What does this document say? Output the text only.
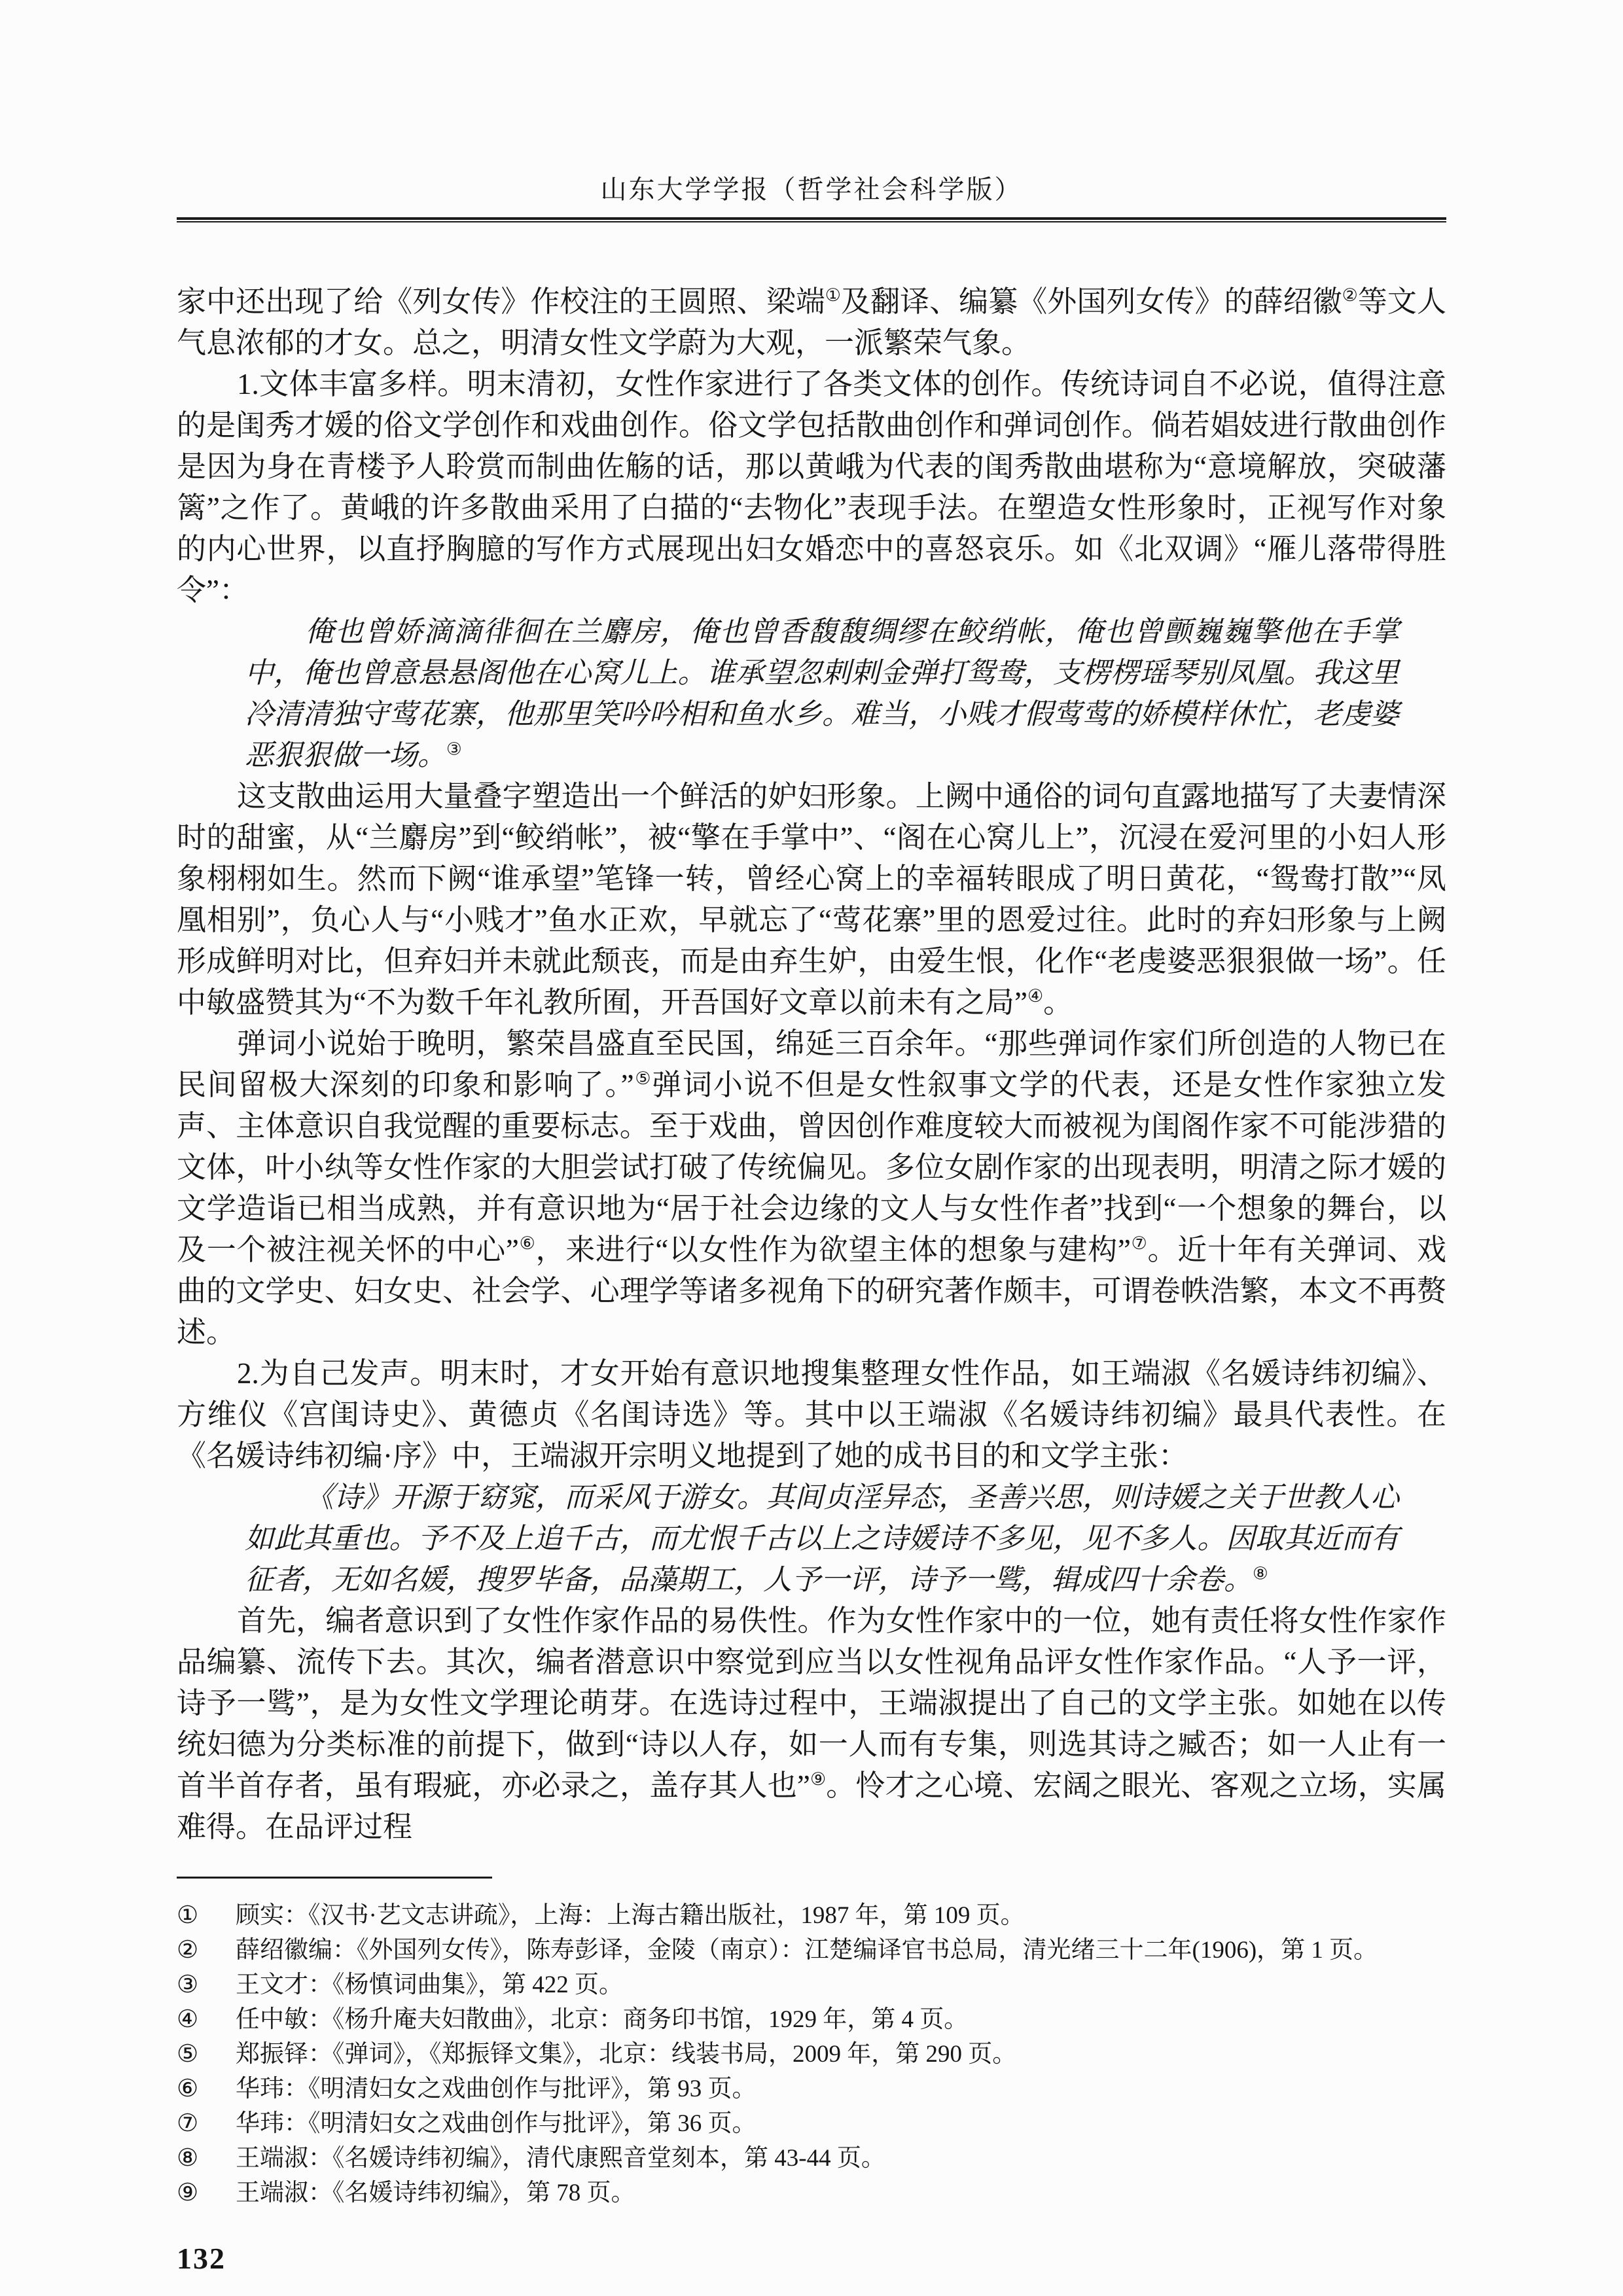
山东大学学报（哲学社会科学版）

家中还出现了给《列女传》作校注的王圆照、梁端①及翻译、编纂《外国列女传》的薛绍徽②等文人气息浓郁的才女。总之，明清女性文学蔚为大观，一派繁荣气象。

1.文体丰富多样。明末清初，女性作家进行了各类文体的创作。传统诗词自不必说，值得注意的是闺秀才媛的俗文学创作和戏曲创作。俗文学包括散曲创作和弹词创作。倘若娼妓进行散曲创作是因为身在青楼予人聆赏而制曲佐觞的话，那以黄峨为代表的闺秀散曲堪称为“意境解放，突破藩篱”之作了。黄峨的许多散曲采用了白描的“去物化”表现手法。在塑造女性形象时，正视写作对象的内心世界，以直抒胸臆的写作方式展现出妇女婚恋中的喜怒哀乐。如《北双调》“雁儿落带得胜令”：

俺也曾娇滴滴徘徊在兰麝房，俺也曾香馥馥绸缪在鲛绡帐，俺也曾颤巍巍擎他在手掌中，俺也曾意悬悬阁他在心窝儿上。谁承望忽剌剌金弹打鸳鸯，支楞楞瑶琴别凤凰。我这里冷清清独守莺花寨，他那里笑吟吟相和鱼水乡。难当，小贱才假莺莺的娇模样休忙，老虔婆恶狠狠做一场。③

这支散曲运用大量叠字塑造出一个鲜活的妒妇形象。上阙中通俗的词句直露地描写了夫妻情深时的甜蜜，从“兰麝房”到“鲛绡帐”，被“擎在手掌中”、“阁在心窝儿上”，沉浸在爱河里的小妇人形象栩栩如生。然而下阙“谁承望”笔锋一转，曾经心窝上的幸福转眼成了明日黄花，“鸳鸯打散”“凤凰相别”，负心人与“小贱才”鱼水正欢，早就忘了“莺花寨”里的恩爱过往。此时的弃妇形象与上阙形成鲜明对比，但弃妇并未就此颓丧，而是由弃生妒，由爱生恨，化作“老虔婆恶狠狠做一场”。任中敏盛赞其为“不为数千年礼教所囿，开吾国好文章以前未有之局”④。

弹词小说始于晚明，繁荣昌盛直至民国，绵延三百余年。“那些弹词作家们所创造的人物已在民间留极大深刻的印象和影响了。”⑤弹词小说不但是女性叙事文学的代表，还是女性作家独立发声、主体意识自我觉醒的重要标志。至于戏曲，曾因创作难度较大而被视为闺阁作家不可能涉猎的文体，叶小纨等女性作家的大胆尝试打破了传统偏见。多位女剧作家的出现表明，明清之际才媛的文学造诣已相当成熟，并有意识地为“居于社会边缘的文人与女性作者”找到“一个想象的舞台，以及一个被注视关怀的中心”⑥，来进行“以女性作为欲望主体的想象与建构”⑦。近十年有关弹词、戏曲的文学史、妇女史、社会学、心理学等诸多视角下的研究著作颇丰，可谓卷帙浩繁，本文不再赘述。

2.为自己发声。明末时，才女开始有意识地搜集整理女性作品，如王端淑《名媛诗纬初编》、方维仪《宫闺诗史》、黄德贞《名闺诗选》等。其中以王端淑《名媛诗纬初编》最具代表性。在《名媛诗纬初编·序》中，王端淑开宗明义地提到了她的成书目的和文学主张：

《诗》开源于窈窕，而采风于游女。其间贞淫异态，圣善兴思，则诗媛之关于世教人心如此其重也。予不及上追千古，而尤恨千古以上之诗媛诗不多见，见不多人。因取其近而有征者，无如名媛，搜罗毕备，品藻期工，人予一评，诗予一骘，辑成四十余卷。⑧

首先，编者意识到了女性作家作品的易佚性。作为女性作家中的一位，她有责任将女性作家作品编纂、流传下去。其次，编者潜意识中察觉到应当以女性视角品评女性作家作品。“人予一评，诗予一骘”，是为女性文学理论萌芽。在选诗过程中，王端淑提出了自己的文学主张。如她在以传统妇德为分类标准的前提下，做到“诗以人存，如一人而有专集，则选其诗之臧否；如一人止有一首半首存者，虽有瑕疵，亦必录之，盖存其人也”⑨。怜才之心境、宏阔之眼光、客观之立场，实属难得。在品评过程

①	顾实：《汉书·艺文志讲疏》，上海：上海古籍出版社，1987 年，第 109 页。
②	薛绍徽编：《外国列女传》，陈寿彭译，金陵（南京）：江楚编译官书总局，清光绪三十二年(1906)，第 1 页。
③	王文才：《杨慎词曲集》，第 422 页。
④	任中敏：《杨升庵夫妇散曲》，北京：商务印书馆，1929 年，第 4 页。
⑤	郑振铎：《弹词》，《郑振铎文集》，北京：线装书局，2009 年，第 290 页。
⑥	华玮：《明清妇女之戏曲创作与批评》，第 93 页。
⑦	华玮：《明清妇女之戏曲创作与批评》，第 36 页。
⑧	王端淑：《名媛诗纬初编》，清代康熙音堂刻本，第 43-44 页。
⑨	王端淑：《名媛诗纬初编》，第 78 页。
132
